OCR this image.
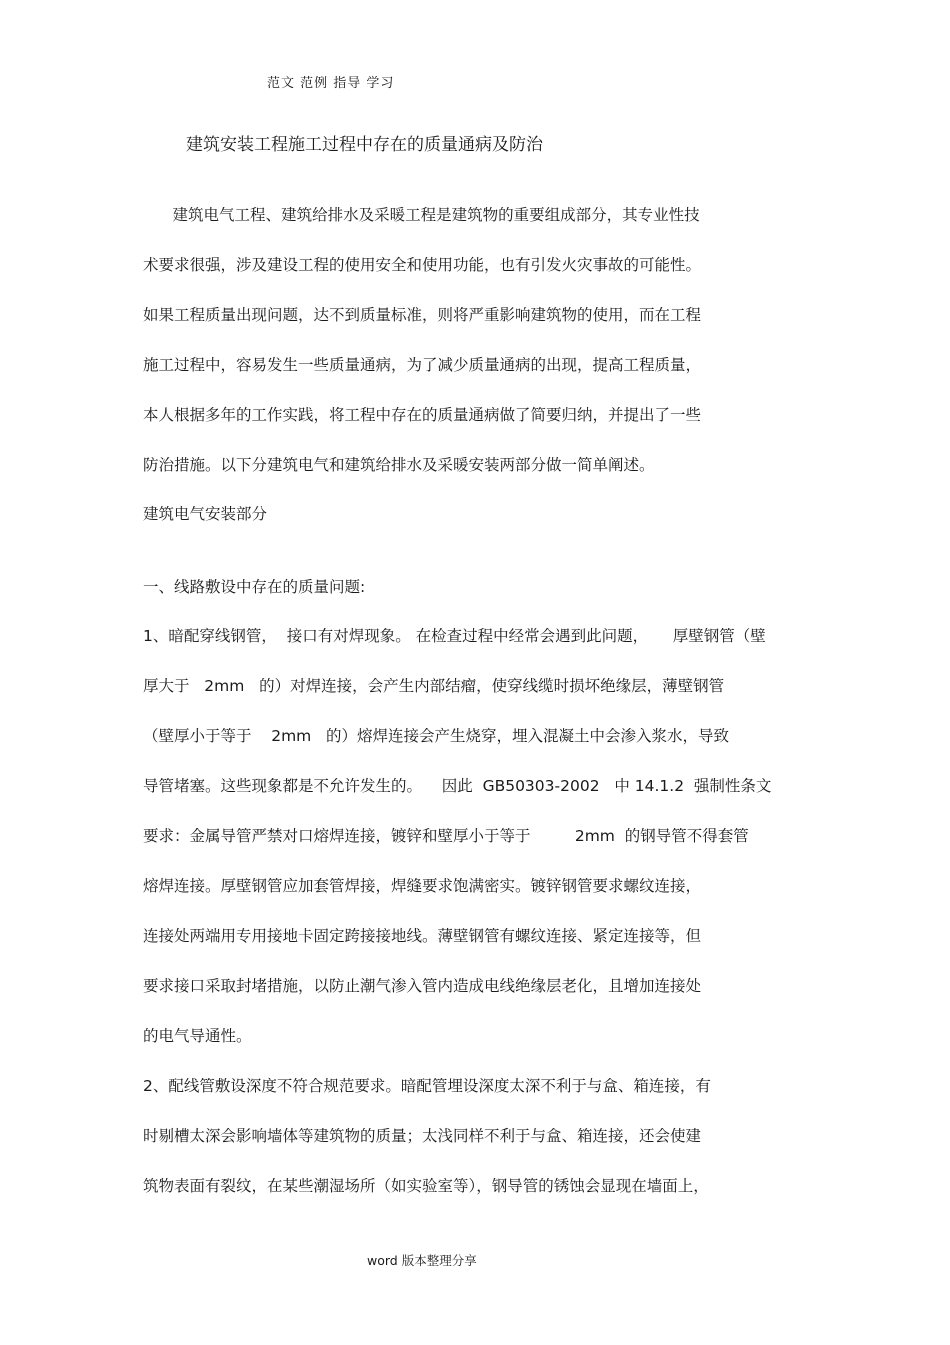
范文 范例 指导 学习
建筑安装工程施工过程中存在的质量通病及防治
建筑电气工程、建筑给排水及采暖工程是建筑物的重要组成部分，其专业性技
术要求很强，涉及建设工程的使用安全和使用功能，也有引发火灾事故的可能性。
如果工程质量出现问题，达不到质量标准，则将严重影响建筑物的使用，而在工程
施工过程中，容易发生一些质量通病，为了减少质量通病的出现，提高工程质量，
本人根据多年的工作实践，将工程中存在的质量通病做了简要归纳，并提出了一些
防治措施。以下分建筑电气和建筑给排水及采暖安装两部分做一简单阐述。
建筑电气安装部分
一、线路敷设中存在的质量问题:
1、暗配穿线钢管，  接口有对焊现象。 在检查过程中经常会遇到此问题，     厚壁钢管（壁
厚大于   2mm   的）对焊连接，会产生内部结瘤，使穿线缆时损坏绝缘层，薄壁钢管
（壁厚小于等于    2mm   的）熔焊连接会产生烧穿，埋入混凝土中会渗入浆水，导致
导管堵塞。这些现象都是不允许发生的。    因此  GB50303-2002   中 14.1.2  强制性条文
要求：金属导管严禁对口熔焊连接，镀锌和壁厚小于等于         2mm  的钢导管不得套管
熔焊连接。厚壁钢管应加套管焊接，焊缝要求饱满密实。镀锌钢管要求螺纹连接，
连接处两端用专用接地卡固定跨接接地线。薄壁钢管有螺纹连接、紧定连接等，但
要求接口采取封堵措施，以防止潮气渗入管内造成电线绝缘层老化，且增加连接处
的电气导通性。
2、配线管敷设深度不符合规范要求。暗配管埋设深度太深不利于与盒、箱连接，有
时剔槽太深会影响墙体等建筑物的质量；太浅同样不利于与盒、箱连接，还会使建
筑物表面有裂纹，在某些潮湿场所（如实验室等），钢导管的锈蚀会显现在墙面上，
word 版本整理分享
